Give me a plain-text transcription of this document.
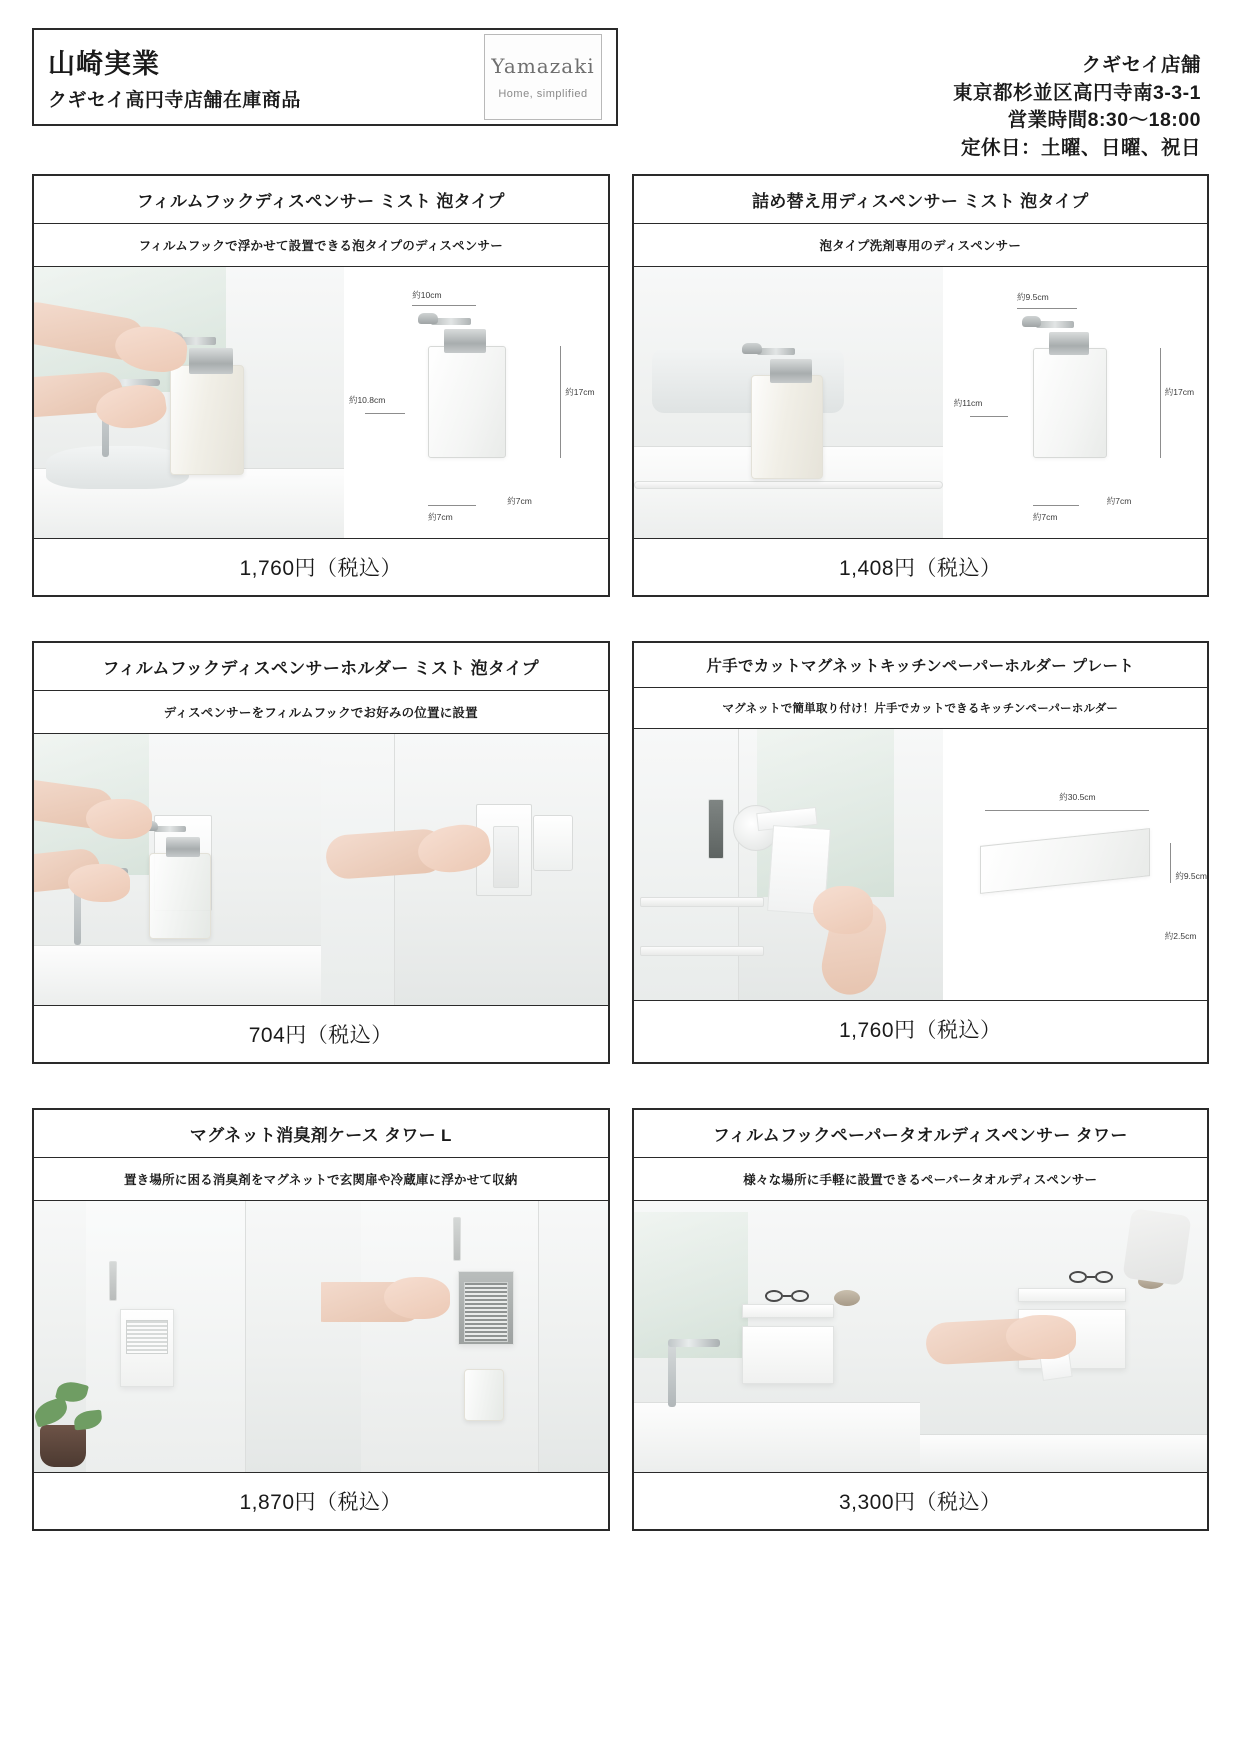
山崎実業
クギセイ高円寺店舗在庫商品
Yamazaki
Home, simplified
クギセイ店舗
東京都杉並区高円寺南3-3-1
営業時間8:30〜18:00
定休日：土曜、日曜、祝日
フィルムフックディスペンサー ミスト 泡タイプ
フィルムフックで浮かせて設置できる泡タイプのディスペンサー
約10cm
約17cm
約10.8cm
約7cm
約7cm
1,760円（税込）
詰め替え用ディスペンサー ミスト 泡タイプ
泡タイプ洗剤専用のディスペンサー
約9.5cm
約17cm
約11cm
約7cm
約7cm
1,408円（税込）
フィルムフックディスペンサーホルダー ミスト 泡タイプ
ディスペンサーをフィルムフックでお好みの位置に設置
704円（税込）
片手でカットマグネットキッチンペーパーホルダー プレート
マグネットで簡単取り付け！片手でカットできるキッチンペーパーホルダー
約30.5cm
約9.5cm
約2.5cm
1,760円（税込）
マグネット消臭剤ケース タワー L
置き場所に困る消臭剤をマグネットで玄関扉や冷蔵庫に浮かせて収納
1,870円（税込）
フィルムフックペーパータオルディスペンサー タワー
様々な場所に手軽に設置できるペーパータオルディスペンサー
3,300円（税込）
